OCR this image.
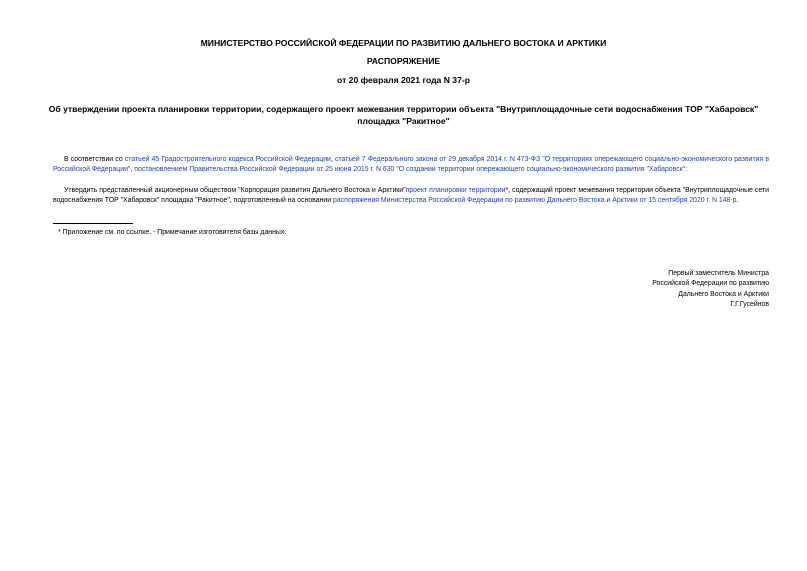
МИНИСТЕРСТВО РОССИЙСКОЙ ФЕДЕРАЦИИ ПО РАЗВИТИЮ ДАЛЬНЕГО ВОСТОКА И АРКТИКИ
РАСПОРЯЖЕНИЕ
от 20 февраля 2021 года N 37-р
Об утверждении проекта планировки территории, содержащего проект межевания территории объекта "Внутриплощадочные сети водоснабжения ТОР "Хабаровск" площадка "Ракитное"
В соответствии со статьей 45 Градостроительного кодекса Российской Федерации, статьей 7 Федерального закона от 29 декабря 2014 г. N 473-ФЗ "О территориях опережающего социально-экономического развития в Российской Федерации", постановлением Правительства Российской Федерации от 25 июня 2015 г. N 630 "О создании территории опережающего социально-экономического развития "Хабаровск":
Утвердить представленный акционерным обществом "Корпорация развития Дальнего Востока и Арктики"проект планировки территории*, содержащий проект межевания территории объекта "Внутриплощадочные сети водоснабжения ТОР "Хабаровск" площадка "Ракитное", подготовленный на основании распоряжения Министерства Российской Федерации по развитию Дальнего Востока и Арктики от 15 сентября 2020 г. N 148-р.
* Приложение см. по ссылке. - Примечание изготовителя базы данных.
Первый заместитель Министра
Российской Федерации по развитию
Дальнего Востока и Арктики
Г.Г.Гусейнов
